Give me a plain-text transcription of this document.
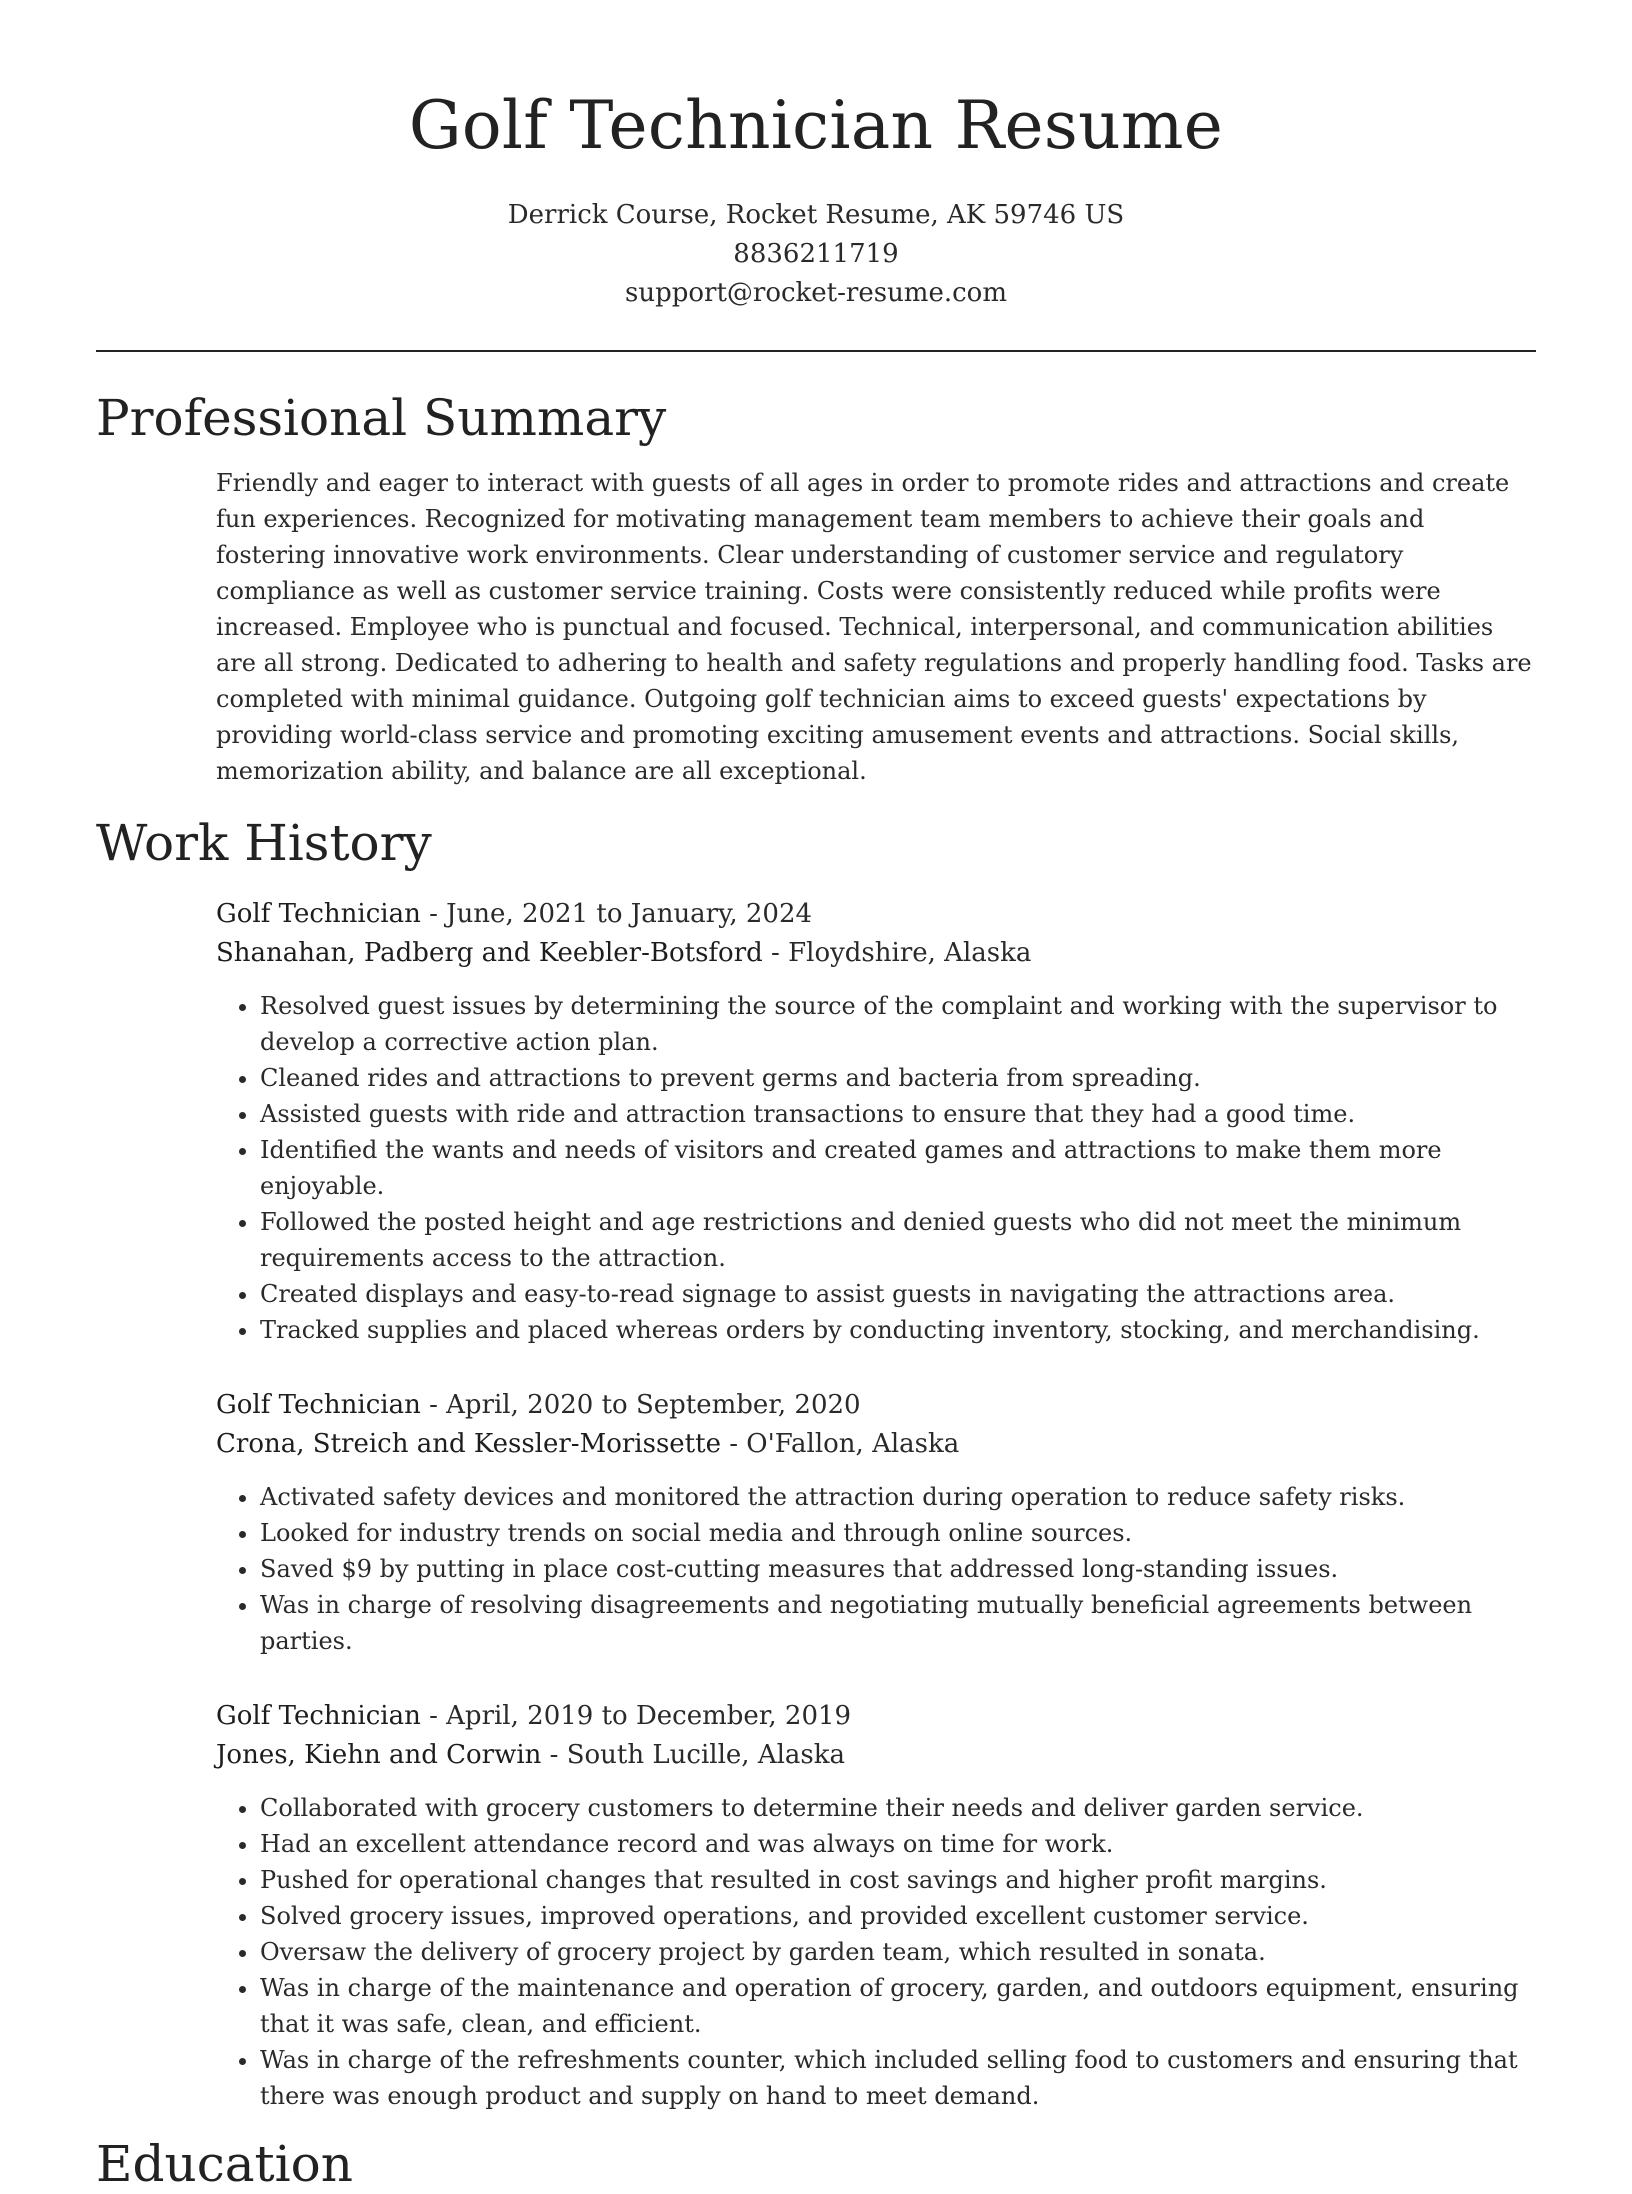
Golf Technician Resume
Derrick Course, Rocket Resume, AK 59746 US
8836211719
support@rocket-resume.com
Professional Summary

Friendly and eager to interact with guests of all ages in order to promote rides and attractions and create fun experiences. Recognized for motivating management team members to achieve their goals and fostering innovative work environments. Clear understanding of customer service and regulatory compliance as well as customer service training. Costs were consistently reduced while profits were increased. Employee who is punctual and focused. Technical, interpersonal, and communication abilities are all strong. Dedicated to adhering to health and safety regulations and properly handling food. Tasks are completed with minimal guidance. Outgoing golf technician aims to exceed guests' expectations by providing world-class service and promoting exciting amusement events and attractions. Social skills, memorization ability, and balance are all exceptional.

Work History
Golf Technician - June, 2021 to January, 2024
Shanahan, Padberg and Keebler-Botsford - Floydshire, Alaska
• Resolved guest issues by determining the source of the complaint and working with the supervisor to develop a corrective action plan.
• Cleaned rides and attractions to prevent germs and bacteria from spreading.
• Assisted guests with ride and attraction transactions to ensure that they had a good time.
• Identified the wants and needs of visitors and created games and attractions to make them more enjoyable.
• Followed the posted height and age restrictions and denied guests who did not meet the minimum requirements access to the attraction.
• Created displays and easy-to-read signage to assist guests in navigating the attractions area.
• Tracked supplies and placed whereas orders by conducting inventory, stocking, and merchandising.
Golf Technician - April, 2020 to September, 2020
Crona, Streich and Kessler-Morissette - O'Fallon, Alaska
• Activated safety devices and monitored the attraction during operation to reduce safety risks.
• Looked for industry trends on social media and through online sources.
• Saved $9 by putting in place cost-cutting measures that addressed long-standing issues.
• Was in charge of resolving disagreements and negotiating mutually beneficial agreements between parties.
Golf Technician - April, 2019 to December, 2019
Jones, Kiehn and Corwin - South Lucille, Alaska
• Collaborated with grocery customers to determine their needs and deliver garden service.
• Had an excellent attendance record and was always on time for work.
• Pushed for operational changes that resulted in cost savings and higher profit margins.
• Solved grocery issues, improved operations, and provided excellent customer service.
• Oversaw the delivery of grocery project by garden team, which resulted in sonata.
• Was in charge of the maintenance and operation of grocery, garden, and outdoors equipment, ensuring that it was safe, clean, and efficient.
• Was in charge of the refreshments counter, which included selling food to customers and ensuring that there was enough product and supply on hand to meet demand.
Education
